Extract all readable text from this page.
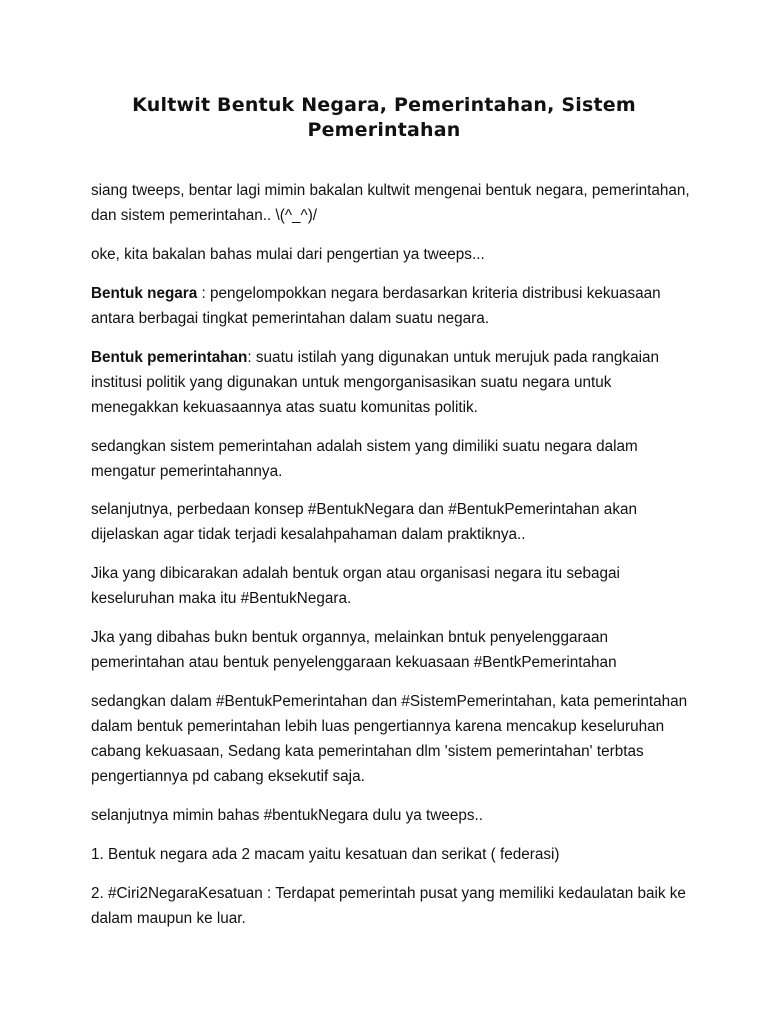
Kultwit Bentuk Negara, Pemerintahan, Sistem Pemerintahan

siang tweeps, bentar lagi mimin bakalan kultwit mengenai bentuk negara, pemerintahan, dan sistem pemerintahan.. \(^_^)/

oke, kita bakalan bahas mulai dari pengertian ya tweeps...

Bentuk negara : pengelompokkan negara berdasarkan kriteria distribusi kekuasaan antara berbagai tingkat pemerintahan dalam suatu negara.

Bentuk pemerintahan: suatu istilah yang digunakan untuk merujuk pada rangkaian institusi politik yang digunakan untuk mengorganisasikan suatu negara untuk menegakkan kekuasaannya atas suatu komunitas politik.

sedangkan sistem pemerintahan adalah sistem yang dimiliki suatu negara dalam mengatur pemerintahannya.

selanjutnya, perbedaan konsep #BentukNegara dan #BentukPemerintahan akan dijelaskan agar tidak terjadi kesalahpahaman dalam praktiknya..

Jika yang dibicarakan adalah bentuk organ atau organisasi negara itu sebagai keseluruhan maka itu #BentukNegara.

Jka yang dibahas bukn bentuk organnya, melainkan bntuk penyelenggaraan pemerintahan atau bentuk penyelenggaraan kekuasaan #BentkPemerintahan

sedangkan dalam #BentukPemerintahan dan #SistemPemerintahan, kata pemerintahan dalam bentuk pemerintahan lebih luas pengertiannya karena mencakup keseluruhan cabang kekuasaan, Sedang kata pemerintahan dlm 'sistem pemerintahan' terbtas pengertiannya pd cabang eksekutif saja.

selanjutnya mimin bahas #bentukNegara dulu ya tweeps..

1. Bentuk negara ada 2 macam yaitu kesatuan dan serikat ( federasi)

2. #Ciri2NegaraKesatuan : Terdapat pemerintah pusat yang memiliki kedaulatan baik ke dalam maupun ke luar.
